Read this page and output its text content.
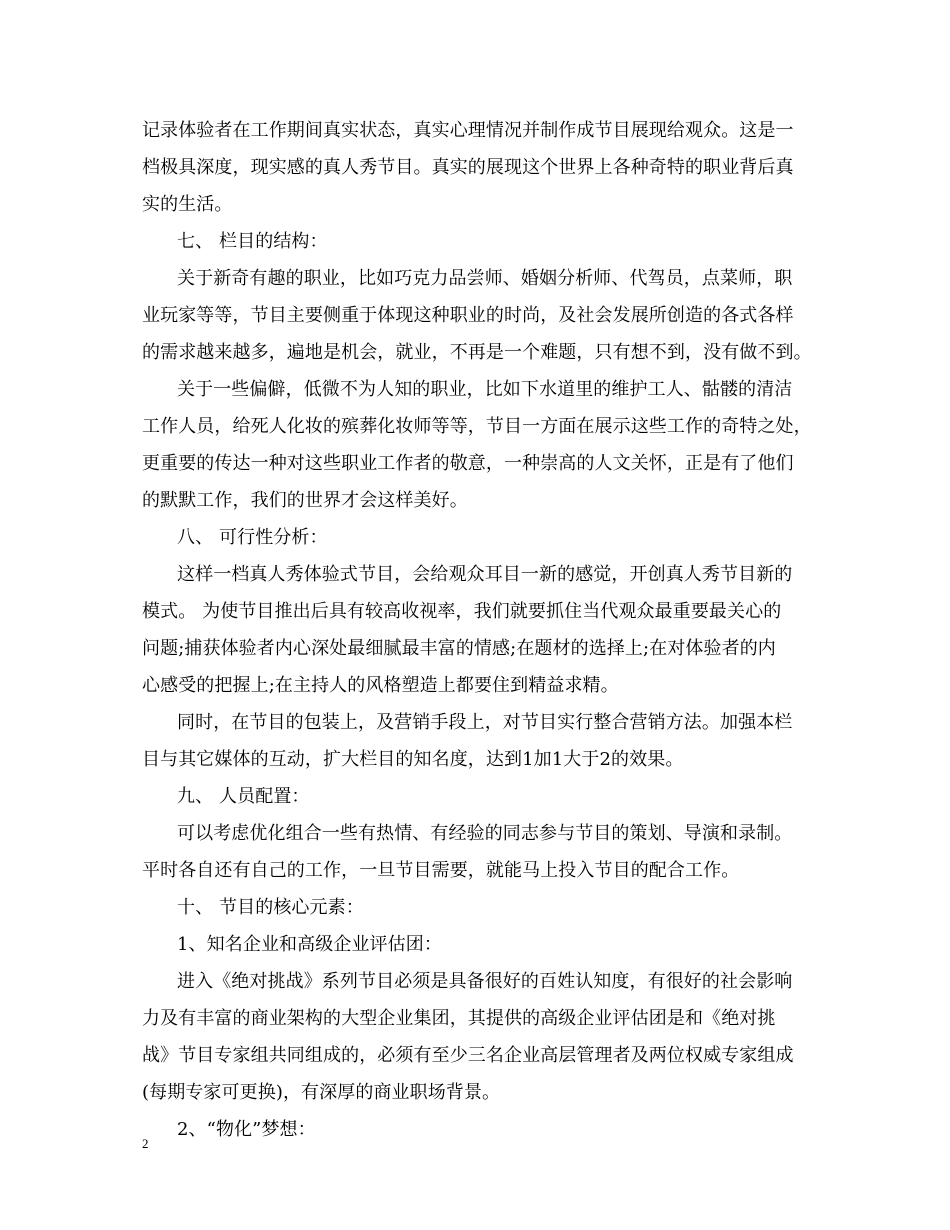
记录体验者在工作期间真实状态，真实心理情况并制作成节目展现给观众。这是一
档极具深度，现实感的真人秀节目。真实的展现这个世界上各种奇特的职业背后真
实的生活。
七、 栏目的结构：
关于新奇有趣的职业，比如巧克力品尝师、婚姻分析师、代驾员，点菜师，职
业玩家等等，节目主要侧重于体现这种职业的时尚，及社会发展所创造的各式各样
的需求越来越多，遍地是机会，就业，不再是一个难题，只有想不到，没有做不到。
关于一些偏僻，低微不为人知的职业，比如下水道里的维护工人、骷髅的清洁
工作人员，给死人化妆的殡葬化妆师等等，节目一方面在展示这些工作的奇特之处，
更重要的传达一种对这些职业工作者的敬意，一种崇高的人文关怀，正是有了他们
的默默工作，我们的世界才会这样美好。
八、 可行性分析：
这样一档真人秀体验式节目，会给观众耳目一新的感觉，开创真人秀节目新的
模式。 为使节目推出后具有较高收视率，我们就要抓住当代观众最重要最关心的
问题;捕获体验者内心深处最细腻最丰富的情感;在题材的选择上;在对体验者的内
心感受的把握上;在主持人的风格塑造上都要住到精益求精。
同时，在节目的包装上，及营销手段上，对节目实行整合营销方法。加强本栏
目与其它媒体的互动，扩大栏目的知名度，达到1加1大于2的效果。
九、 人员配置：
可以考虑优化组合一些有热情、有经验的同志参与节目的策划、导演和录制。
平时各自还有自己的工作，一旦节目需要，就能马上投入节目的配合工作。
十、 节目的核心元素：
1、知名企业和高级企业评估团：
进入《绝对挑战》系列节目必须是具备很好的百姓认知度，有很好的社会影响
力及有丰富的商业架构的大型企业集团，其提供的高级企业评估团是和《绝对挑
战》节目专家组共同组成的，必须有至少三名企业高层管理者及两位权威专家组成
(每期专家可更换)，有深厚的商业职场背景。
2、“物化”梦想：
2
